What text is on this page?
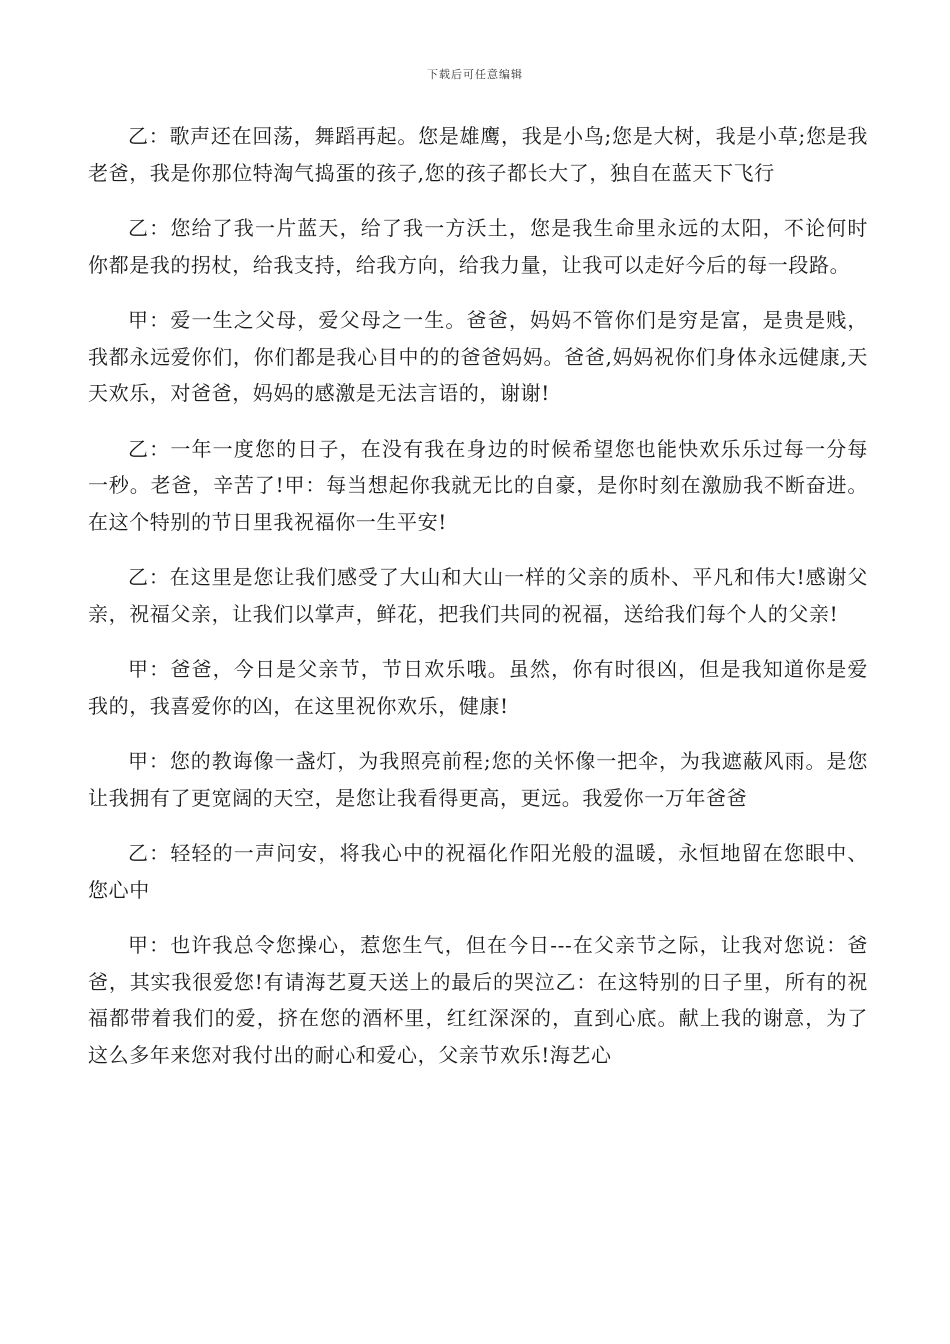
下载后可任意编辑

乙：歌声还在回荡，舞蹈再起。您是雄鹰，我是小鸟;您是大树，我是小草;您是我老爸，我是你那位特淘气捣蛋的孩子,您的孩子都长大了，独自在蓝天下飞行

乙：您给了我一片蓝天，给了我一方沃土，您是我生命里永远的太阳，不论何时你都是我的拐杖，给我支持，给我方向，给我力量，让我可以走好今后的每一段路。

甲：爱一生之父母，爱父母之一生。爸爸，妈妈不管你们是穷是富，是贵是贱，我都永远爱你们，你们都是我心目中的的爸爸妈妈。爸爸,妈妈祝你们身体永远健康,天天欢乐，对爸爸，妈妈的感激是无法言语的，谢谢!

乙：一年一度您的日子，在没有我在身边的时候希望您也能快欢乐乐过每一分每一秒。老爸，辛苦了!甲：每当想起你我就无比的自豪，是你时刻在激励我不断奋进。在这个特别的节日里我祝福你一生平安!

乙：在这里是您让我们感受了大山和大山一样的父亲的质朴、平凡和伟大!感谢父亲，祝福父亲，让我们以掌声，鲜花，把我们共同的祝福，送给我们每个人的父亲!

甲：爸爸，今日是父亲节，节日欢乐哦。虽然，你有时很凶，但是我知道你是爱我的，我喜爱你的凶，在这里祝你欢乐，健康!

甲：您的教诲像一盏灯，为我照亮前程;您的关怀像一把伞，为我遮蔽风雨。是您让我拥有了更宽阔的天空，是您让我看得更高，更远。我爱你一万年爸爸

乙：轻轻的一声问安，将我心中的祝福化作阳光般的温暖，永恒地留在您眼中、您心中

甲：也许我总令您操心，惹您生气，但在今日---在父亲节之际，让我对您说：爸爸，其实我很爱您!有请海艺夏天送上的最后的哭泣乙：在这特别的日子里，所有的祝福都带着我们的爱，挤在您的酒杯里，红红深深的，直到心底。献上我的谢意，为了这么多年来您对我付出的耐心和爱心，父亲节欢乐!海艺心
